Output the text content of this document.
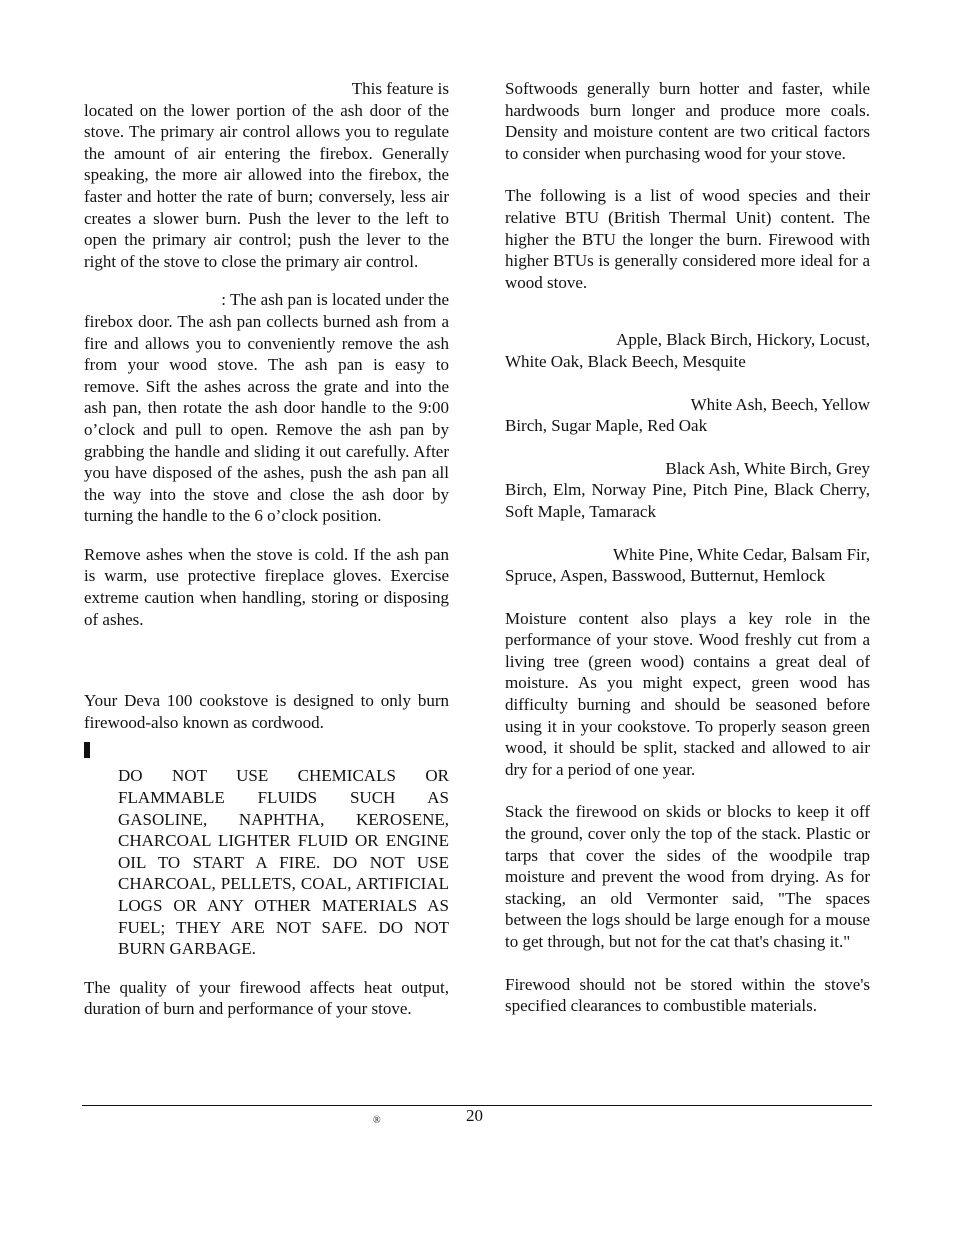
This feature is

located on the lower portion of the ash door of the stove. The primary air control allows you to regulate the amount of air entering the firebox. Generally speaking, the more air allowed into the firebox, the faster and hotter the rate of burn; conversely, less air creates a slower burn. Push the lever to the left to open the primary air control; push the lever to the right of the stove to close the primary air control.

: The ash pan is located under the

firebox door. The ash pan collects burned ash from a fire and allows you to conveniently remove the ash from your wood stove. The ash pan is easy to remove. Sift the ashes across the grate and into the ash pan, then rotate the ash door handle to the 9:00 o’clock and pull to open. Remove the ash pan by grabbing the handle and sliding it out carefully. After you have disposed of the ashes, push the ash pan all the way into the stove and close the ash door by turning the handle to the 6 o’clock position.

Remove ashes when the stove is cold. If the ash pan is warm, use protective fireplace gloves. Exercise extreme caution when handling, storing or disposing of ashes.

Your Deva 100 cookstove is designed to only burn firewood-also known as cordwood.

DO NOT USE CHEMICALS OR FLAMMABLE FLUIDS SUCH AS GASOLINE, NAPHTHA, KEROSENE, CHARCOAL LIGHTER FLUID OR ENGINE OIL TO START A FIRE. DO NOT USE CHARCOAL, PELLETS, COAL, ARTIFICIAL LOGS OR ANY OTHER MATERIALS AS FUEL; THEY ARE NOT SAFE. DO NOT BURN GARBAGE.

The quality of your firewood affects heat output, duration of burn and performance of your stove.

Softwoods generally burn hotter and faster, while hardwoods burn longer and produce more coals. Density and moisture content are two critical factors to consider when purchasing wood for your stove.

The following is a list of wood species and their relative BTU (British Thermal Unit) content. The higher the BTU the longer the burn. Firewood with higher BTUs is generally considered more ideal for a wood stove.

Apple, Black Birch, Hickory, Locust,

White Oak, Black Beech, Mesquite

White Ash, Beech, Yellow

Birch, Sugar Maple, Red Oak

Black Ash, White Birch, Grey

Birch, Elm, Norway Pine, Pitch Pine, Black Cherry, Soft Maple, Tamarack

White Pine, White Cedar, Balsam Fir,

Spruce, Aspen, Basswood, Butternut, Hemlock

Moisture content also plays a key role in the performance of your stove. Wood freshly cut from a living tree (green wood) contains a great deal of moisture. As you might expect, green wood has difficulty burning and should be seasoned before using it in your cookstove. To properly season green wood, it should be split, stacked and allowed to air dry for a period of one year.

Stack the firewood on skids or blocks to keep it off the ground, cover only the top of the stack. Plastic or tarps that cover the sides of the woodpile trap moisture and prevent the wood from drying. As for stacking, an old Vermonter said, "The spaces between the logs should be large enough for a mouse to get through, but not for the cat that's chasing it."

Firewood should not be stored within the stove's specified clearances to combustible materials.

®	20
